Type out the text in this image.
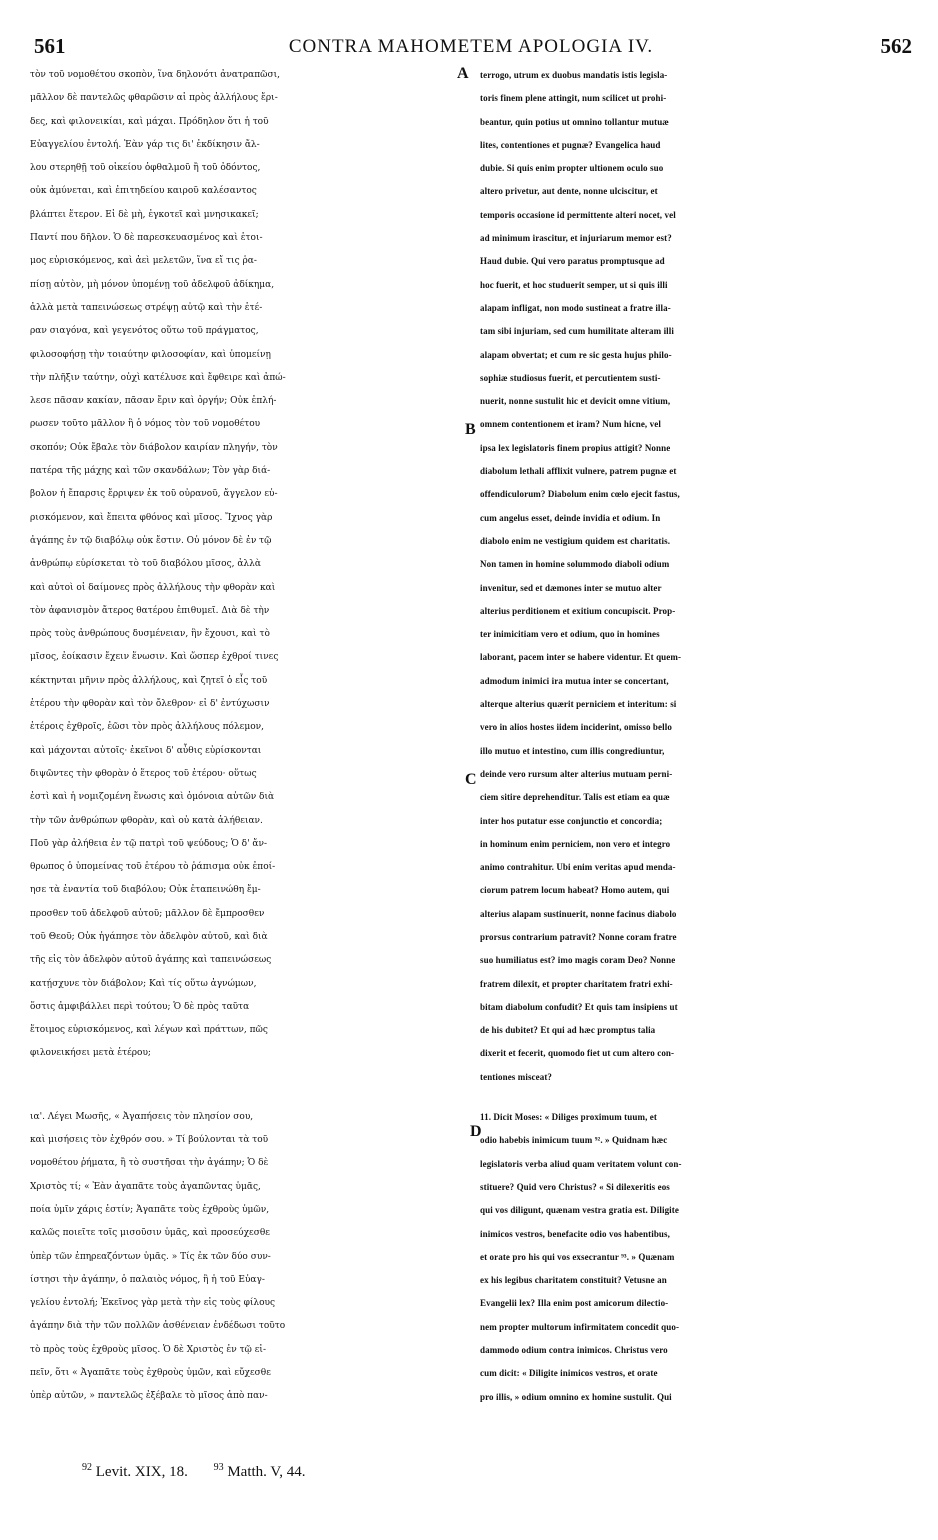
561	CONTRA MAHOMETEM APOLOGIA IV.	562
τὸν τοῦ νομοθέτου σκοπὸν, ἵνα δηλονότι ἀνατραπῶσι,
μᾶλλον δὲ παντελῶς φθαρῶσιν αἱ πρὸς ἀλλήλους ἔρι-
δες, καὶ φιλονεικίαι, καὶ μάχαι. Πρόδηλον ὅτι ἡ τοῦ
Εὐαγγελίου ἐντολή. Ἐὰν γάρ τις δι' ἐκδίκησιν ἄλ-
λου στερηθῇ τοῦ οἰκείου ὀφθαλμοῦ ἢ τοῦ ὀδόντος,
οὐκ ἀμύνεται, καὶ ἐπιτηδείου καιροῦ καλέσαντος
βλάπτει ἕτερον. Εἰ δὲ μὴ, ἐγκοτεῖ καὶ μνησικακεῖ;
Παντί που δῆλον. Ὁ δὲ παρεσκευασμένος καὶ ἑτοι-
μος εὑρισκόμενος, καὶ ἀεὶ μελετῶν, ἵνα εἴ τις ῥα-
πίσῃ αὐτὸν, μὴ μόνον ὑπομένῃ τοῦ ἀδελφοῦ ἀδίκημα,
ἀλλὰ μετὰ ταπεινώσεως στρέψῃ αὐτῷ καὶ τὴν ἑτέ-
ραν σιαγόνα, καὶ γεγενότος οὕτω τοῦ πράγματος,
φιλοσοφήσῃ τὴν τοιαύτην φιλοσοφίαν, καὶ ὑπομείνῃ
τὴν πλῆξιν ταύτην, οὐχὶ κατέλυσε καὶ ἔφθειρε καὶ ἀπώ-
λεσε πᾶσαν κακίαν, πᾶσαν ἔριν καὶ ὀργήν; Οὐκ ἐπλή-
ρωσεν τοῦτο μᾶλλον ἢ ὁ νόμος τὸν τοῦ νομοθέτου
σκοπόν; Οὐκ ἔβαλε τὸν διάβολον καιρίαν πληγήν, τὸν
πατέρα τῆς μάχης καὶ τῶν σκανδάλων; Τὸν γὰρ διά-
βολον ἡ ἔπαρσις ἔρριψεν ἐκ τοῦ οὐρανοῦ, ἄγγελον εὑ-
ρισκόμενον, καὶ ἔπειτα φθόνος καὶ μῖσος. Ἴχνος γὰρ
ἀγάπης ἐν τῷ διαβόλῳ οὐκ ἔστιν. Οὐ μόνον δὲ ἐν τῷ
ἀνθρώπῳ εὑρίσκεται τὸ τοῦ διαβόλου μῖσος, ἀλλὰ
καὶ αὐτοὶ οἱ δαίμονες πρὸς ἀλλήλους τὴν φθορὰν καὶ
τὸν ἀφανισμὸν ἄτερος θατέρου ἐπιθυμεῖ. Διὰ δὲ τὴν
πρὸς τοὺς ἀνθρώπους δυσμένειαν, ἣν ἔχουσι, καὶ τὸ
μῖσος, ἐοίκασιν ἔχειν ἕνωσιν. Καὶ ὥσπερ ἐχθροί τινες
κέκτηνται μῆνιν πρὸς ἀλλήλους, καὶ ζητεῖ ὁ εἷς τοῦ
ἑτέρου τὴν φθορὰν καὶ τὸν ὄλεθρον· εἰ δ' ἐντύχωσιν
ἑτέροις ἐχθροῖς, ἐῶσι τὸν πρὸς ἀλλήλους πόλεμον,
καὶ μάχονται αὐτοῖς· ἐκεῖνοι δ' αὖθις εὑρίσκονται
διψῶντες τὴν φθορὰν ὁ ἕτερος τοῦ ἑτέρου· οὕτως
ἐστὶ καὶ ἡ νομιζομένη ἕνωσις καὶ ὁμόνοια αὐτῶν διὰ
τὴν τῶν ἀνθρώπων φθορὰν, καὶ οὐ κατὰ ἀλήθειαν.
Ποῦ γὰρ ἀλήθεια ἐν τῷ πατρὶ τοῦ ψεύδους; Ὁ δ' ἄν-
θρωπος ὁ ὑπομείνας τοῦ ἑτέρου τὸ ῥάπισμα οὐκ ἐποί-
ησε τὰ ἐναντία τοῦ διαβόλου; Οὐκ ἐταπεινώθη ἔμ-
προσθεν τοῦ ἀδελφοῦ αὐτοῦ; μᾶλλον δὲ ἔμπροσθεν
τοῦ Θεοῦ; Οὐκ ἠγάπησε τὸν ἀδελφὸν αὐτοῦ, καὶ διὰ
τῆς εἰς τὸν ἀδελφὸν αὐτοῦ ἀγάπης καὶ ταπεινώσεως
κατῄσχυνε τὸν διάβολον; Καὶ τίς οὕτω ἀγνώμων,
ὅστις ἀμφιβάλλει περὶ τούτου; Ὁ δὲ πρὸς ταῦτα
ἕτοιμος εὑρισκόμενος, καὶ λέγων καὶ πράττων, πῶς
φιλονεικήσει μετὰ ἑτέρου;
ια'. Λέγει Μωσῆς, « Ἀγαπήσεις τὸν πλησίον σου,
καὶ μισήσεις τὸν ἐχθρόν σου. » Τί βούλονται τὰ τοῦ
νομοθέτου ῥήματα, ἢ τὸ συστῆσαι τὴν ἀγάπην; Ὁ δὲ
Χριστὸς τί; « Ἐὰν ἀγαπᾶτε τοὺς ἀγαπῶντας ὑμᾶς,
ποία ὑμῖν χάρις ἐστίν; Ἀγαπᾶτε τοὺς ἐχθροὺς ὑμῶν,
καλῶς ποιεῖτε τοῖς μισοῦσιν ὑμᾶς, καὶ προσεύχεσθε
ὑπὲρ τῶν ἐπηρεαζόντων ὑμᾶς. » Τίς ἐκ τῶν δύο συν-
ίστησι τὴν ἀγάπην, ὁ παλαιὸς νόμος, ἢ ἡ τοῦ Εὐαγ-
γελίου ἐντολή; Ἐκεῖνος γὰρ μετὰ τὴν εἰς τοὺς φίλους
ἀγάπην διὰ τὴν τῶν πολλῶν ἀσθένειαν ἐνδέδωσι τοῦτο
τὸ πρὸς τοὺς ἐχθροὺς μῖσος. Ὁ δὲ Χριστὸς ἐν τῷ εἰ-
πεῖν, ὅτι « Ἀγαπᾶτε τοὺς ἐχθροὺς ὑμῶν, καὶ εὔχεσθε
ὑπὲρ αὐτῶν, » παντελῶς ἐξέβαλε τὸ μῖσος ἀπὸ παν-
terrogo, utrum ex duobus mandatis istis legisla-
toris finem plene attingit, num scilicet ut prohi-
beantur, quin potius ut omnino tollantur mutuæ
lites, contentiones et pugnæ? Evangelica haud
dubie. Si quis enim propter ultionem oculo suo
altero privetur, aut dente, nonne ulciscitur, et
temporis occasione id permittente alteri nocet, vel
ad minimum irascitur, et injuriarum memor est?
Haud dubie. Qui vero paratus promptusque ad
hoc fuerit, et hoc studuerit semper, ut si quis illi
alapam infligat, non modo sustineat a fratre illa-
tam sibi injuriam, sed cum humilitate alteram illi
alapam obvertat; et cum re sic gesta hujus philo-
sophiæ studiosus fuerit, et percutientem susti-
nuerit, nonne sustulit hic et devicit omne vitium,
omnem contentionem et iram? Num hicne, vel
ipsa lex legislatoris finem propius attigit? Nonne
diabolum lethali afflixit vulnere, patrem pugnæ et
offendiculorum? Diabolum enim cœlo ejecit fastus,
cum angelus esset, deinde invidia et odium. In
diabolo enim ne vestigium quidem est charitatis.
Non tamen in homine solummodo diaboli odium
invenitur, sed et dæmones inter se mutuo alter
alterius perditionem et exitium concupiscit. Prop-
ter inimicitiam vero et odium, quo in homines
laborant, pacem inter se habere videntur. Et quem-
admodum inimici ira mutua inter se concertant,
alterque alterius quærit perniciem et interitum: si
vero in alios hostes iidem inciderint, omisso bello
illo mutuo et intestino, cum illis congrediuntur,
deinde vero rursum alter alterius mutuam perni-
ciem sitire deprehenditur. Talis est etiam ea quæ
inter hos putatur esse conjunctio et concordia;
in hominum enim perniciem, non vero et integro
animo contrahitur. Ubi enim veritas apud menda-
ciorum patrem locum habeat? Homo autem, qui
alterius alapam sustinuerit, nonne facinus diabolo
prorsus contrarium patravit? Nonne coram fratre
suo humiliatus est? imo magis coram Deo? Nonne
fratrem dilexit, et propter charitatem fratri exhi-
bitam diabolum confudit? Et quis tam insipiens ut
de his dubitet? Et qui ad hæc promptus talia
dixerit et fecerit, quomodo fiet ut cum altero con-
tentiones misceat?
11. Dicit Moses: « Diliges proximum tuum, et
odio habebis inimicum tuum ⁹². » Quidnam hæc
legislatoris verba aliud quam veritatem volunt con-
stituere? Quid vero Christus? « Si dilexeritis eos
qui vos diligunt, quænam vestra gratia est. Diligite
inimicos vestros, benefacite odio vos habentibus,
et orate pro his qui vos exsecrantur ⁹³. » Quænam
ex his legibus charitatem constituit? Vetusne an
Evangelii lex? Illa enim post amicorum dilectio-
nem propter multorum infirmitatem concedit quo-
dammodo odium contra inimicos. Christus vero
cum dicit: « Diligite inimicos vestros, et orate
pro illis, » odium omnino ex homine sustulit. Qui
A
B
C
D
$^{92}$ Levit. XIX, 18.	$^{93}$ Matth. V, 44.
